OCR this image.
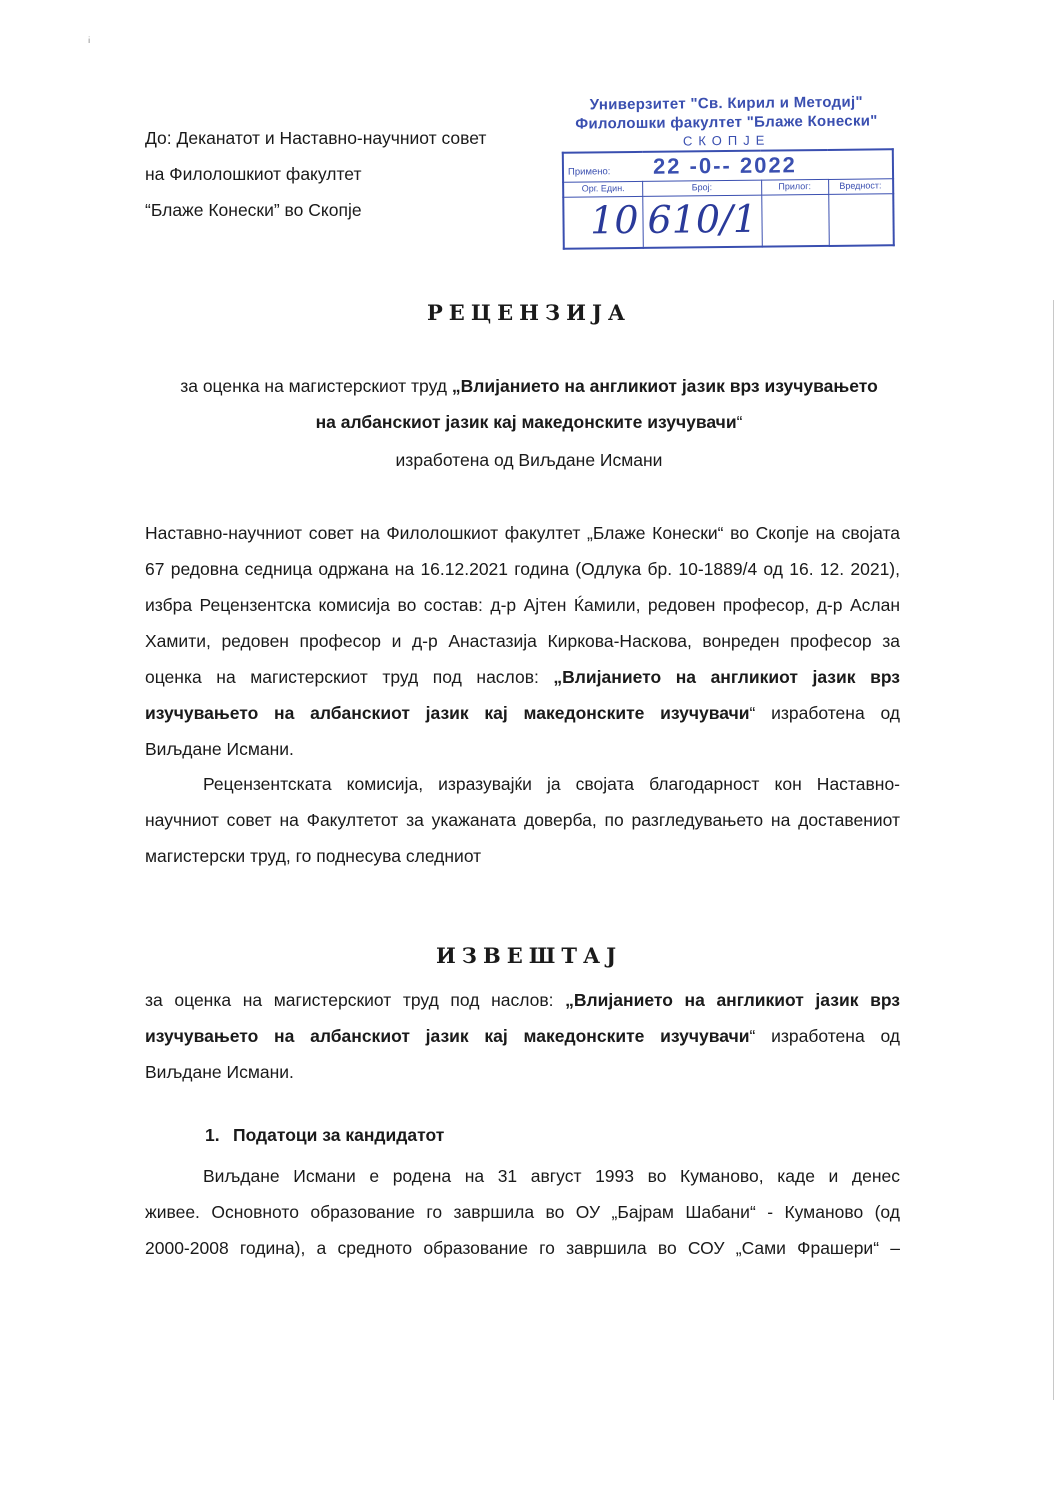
ı̇
До: Деканатот и Наставно-научниот совет
на Филолошкиот факултет
“Блаже Конески” во Скопје
Универзитет "Св. Кирил и Методиј"
Филолошки факултет "Блаже Конески"
СКОПЈЕ
Примено: 22 -0-- 2022			
Орг. Един.	Број:	Прилог:	Вредност:
10	610/1		
РЕЦЕНЗИЈА
за оценка на магистерскиот труд „Влијанието на англикиот јазик врз изучувањето
на албанскиот јазик кај македонските изучувачи“
изработена од Виљдане Исмани
Наставно-научниот совет на Филолошкиот факултет „Блаже Конески“ во Скопје на својата
67 редовна седница одржана на 16.12.2021 година (Одлука бр. 10-1889/4 од 16. 12. 2021),
избра Рецензентска комисија во состав: д-р Ајтен Ќамили, редовен професор, д-р Аслан
Хамити, редовен професор и д-р Анастазија Киркова-Наскова, вонреден професор за
оценка на магистерскиот труд под наслов: „Влијанието на англикиот јазик врз
изучувањето на албанскиот јазик кај македонските изучувачи“ изработена од
Виљдане Исмани.
Рецензентската комисија, изразувајќи ја својата благодарност кон Наставно-
научниот совет на Факултетот за укажаната доверба, по разгледувањето на доставениот
магистерски труд, го поднесува следниот
ИЗВЕШТАЈ
за оценка на магистерскиот труд под наслов: „Влијанието на англикиот јазик врз
изучувањето на албанскиот јазик кај македонските изучувачи“ изработена од
Виљдане Исмани.
1. Податоци за кандидатот
Виљдане Исмани е родена на 31 август 1993 во Куманово, каде и денес
живее. Основното образование го завршила во ОУ „Бајрам Шабани“ - Куманово (од
2000-2008 година), а средното образование го завршила во СОУ „Сами Фрашери“ –
